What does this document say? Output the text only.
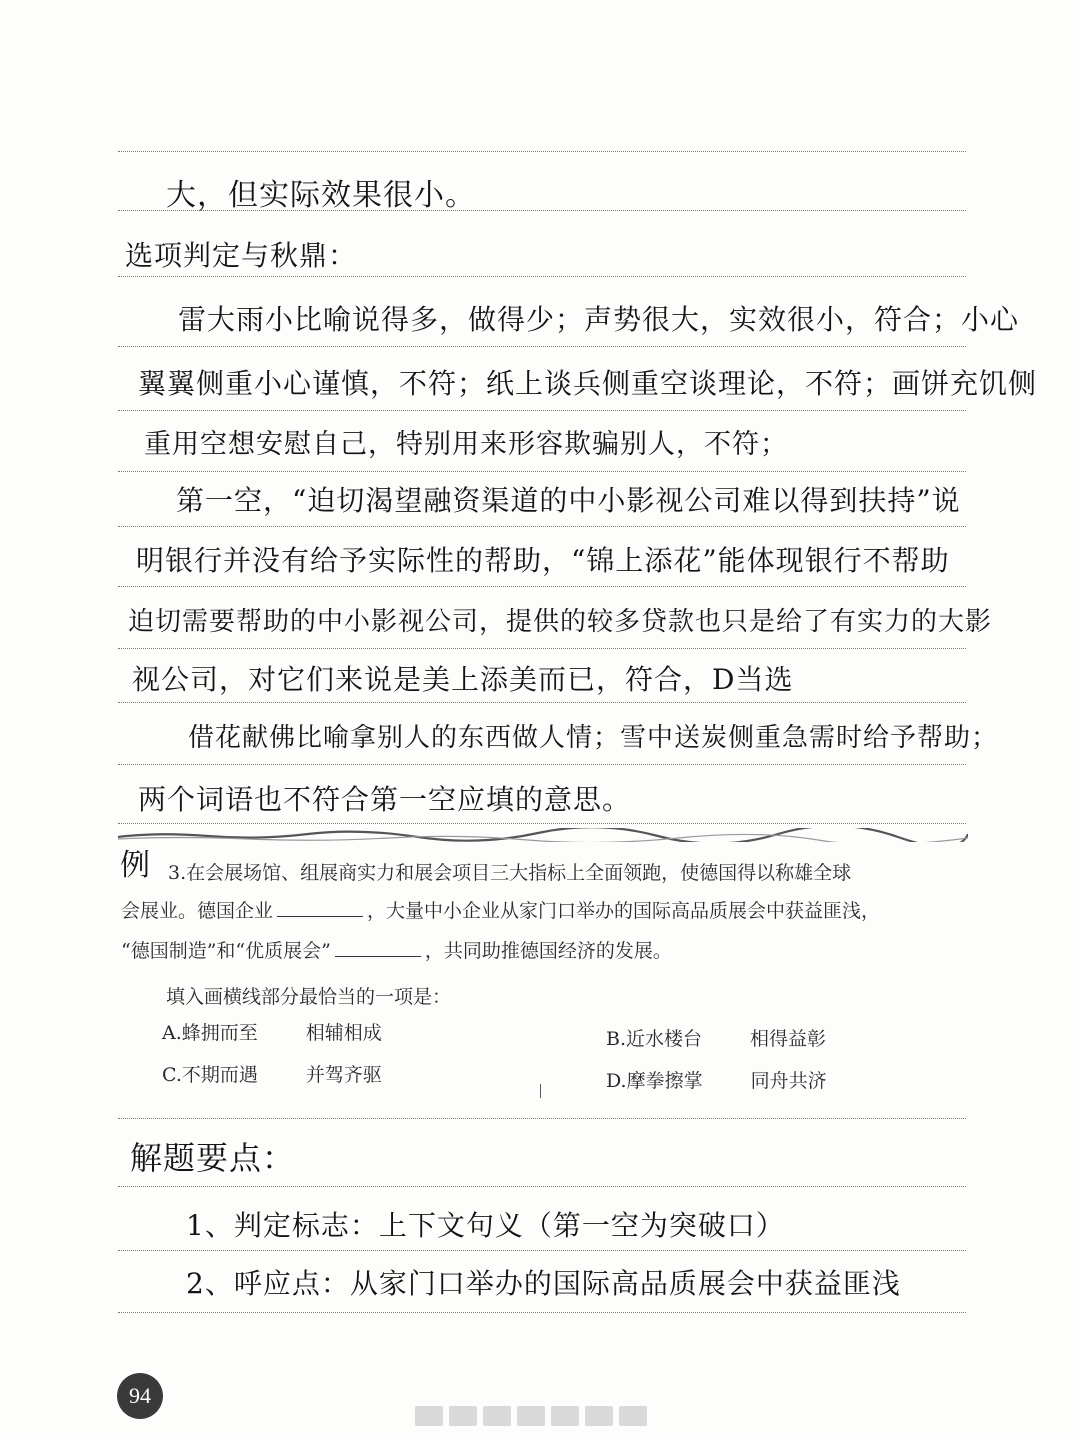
大，但实际效果很小。
选项判定与秋鼎：
雷大雨小比喻说得多，做得少；声势很大，实效很小，符合；小心
翼翼侧重小心谨慎，不符；纸上谈兵侧重空谈理论，不符；画饼充饥侧
重用空想安慰自己，特别用来形容欺骗别人，不符；
第一空，“迫切渴望融资渠道的中小影视公司难以得到扶持”说
明银行并没有给予实际性的帮助，“锦上添花”能体现银行不帮助
迫切需要帮助的中小影视公司，提供的较多贷款也只是给了有实力的大影
视公司，对它们来说是美上添美而已，符合，D当选
借花献佛比喻拿别人的东西做人情；雪中送炭侧重急需时给予帮助；
两个词语也不符合第一空应填的意思。
例 3.在会展场馆、组展商实力和展会项目三大指标上全面领跑，使德国得以称雄全球
会展业。德国企业	，大量中小企业从家门口举办的国际高品质展会中获益匪浅，
“德国制造”和“优质展会”	，共同助推德国经济的发展。
填入画横线部分最恰当的一项是：
A.蜂拥而至	相辅相成	B.近水楼台	相得益彰
C.不期而遇	并驾齐驱	D.摩拳擦掌	同舟共济
解题要点：
1、判定标志：上下文句义（第一空为突破口）
2、呼应点：从家门口举办的国际高品质展会中获益匪浅
94
